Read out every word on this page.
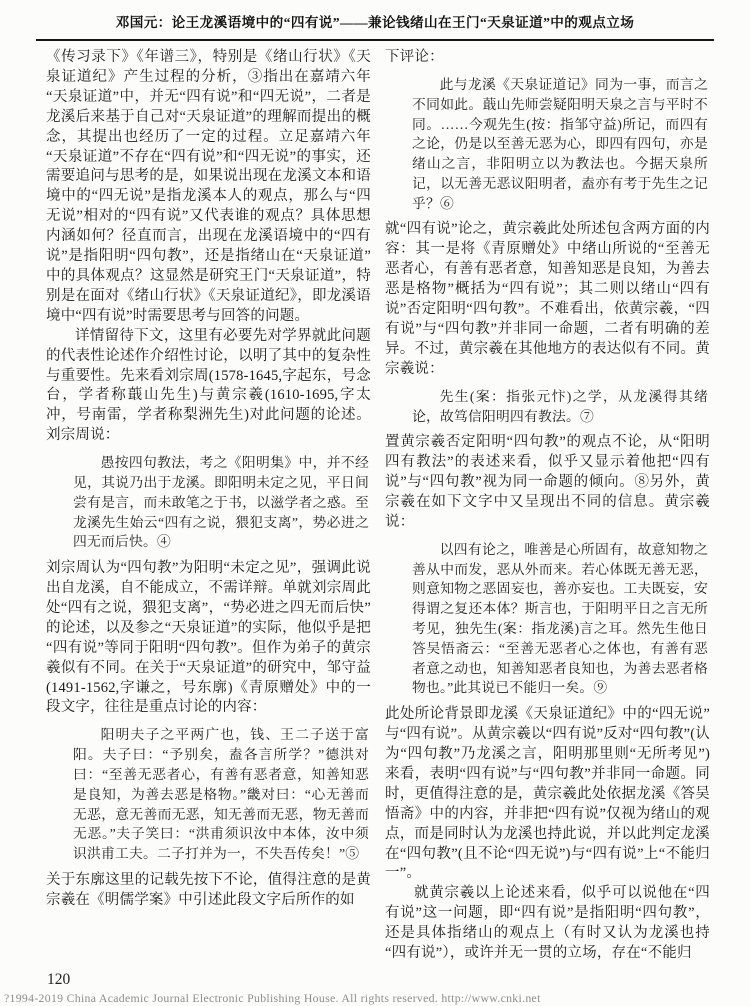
邓国元：论王龙溪语境中的“四有说”——兼论钱绪山在王门“天泉证道”中的观点立场

《传习录下》《年谱三》，特别是《绪山行状》《天泉证道纪》产生过程的分析，③指出在嘉靖六年“天泉证道”中，并无“四有说”和“四无说”，二者是龙溪后来基于自己对“天泉证道”的理解而提出的概念，其提出也经历了一定的过程。立足嘉靖六年“天泉证道”不存在“四有说”和“四无说”的事实，还需要追问与思考的是，如果说出现在龙溪文本和语境中的“四无说”是指龙溪本人的观点，那么与“四无说”相对的“四有说”又代表谁的观点？具体思想内涵如何？径直而言，出现在龙溪语境中的“四有说”是指阳明“四句教”，还是指绪山在“天泉证道”中的具体观点？这显然是研究王门“天泉证道”，特别是在面对《绪山行状》《天泉证道纪》，即龙溪语境中“四有说”时需要思考与回答的问题。

详情留待下文，这里有必要先对学界就此问题的代表性论述作介绍性讨论，以明了其中的复杂性与重要性。先来看刘宗周(1578-1645,字起东，号念台，学者称蕺山先生)与黄宗羲(1610-1695,字太冲，号南雷，学者称梨洲先生)对此问题的论述。刘宗周说：

愚按四句教法，考之《阳明集》中，并不经见，其说乃出于龙溪。即阳明未定之见，平日间尝有是言，而未敢笔之于书，以滋学者之惑。至龙溪先生始云“四有之说，猥犯支离”，势必进之四无而后快。④

刘宗周认为“四句教”为阳明“未定之见”，强调此说出自龙溪，自不能成立，不需详辩。单就刘宗周此处“四有之说，猥犯支离”，“势必进之四无而后快”的论述，以及参之“天泉证道”的实际，他似乎是把“四有说”等同于阳明“四句教”。但作为弟子的黄宗羲似有不同。在关于“天泉证道”的研究中，邹守益(1491-1562,字谦之，号东廓)《青原赠处》中的一段文字，往往是重点讨论的内容：

阳明夫子之平两广也，钱、王二子送于富阳。夫子曰：“予别矣，盍各言所学？”德洪对曰：“至善无恶者心，有善有恶者意，知善知恶是良知，为善去恶是格物。”畿对曰：“心无善而无恶，意无善而无恶，知无善而无恶，物无善而无恶。”夫子笑曰：“洪甫须识汝中本体，汝中须识洪甫工夫。二子打并为一，不失吾传矣！”⑤

关于东廓这里的记载先按下不论，值得注意的是黄宗羲在《明儒学案》中引述此段文字后所作的如

下评论：

此与龙溪《天泉证道记》同为一事，而言之不同如此。蕺山先师尝疑阳明天泉之言与平时不同。……今观先生(按：指邹守益)所记，而四有之论，仍是以至善无恶为心，即四有四句，亦是绪山之言，非阳明立以为教法也。今据天泉所记，以无善无恶议阳明者，盍亦有考于先生之记乎？⑥

就“四有说”论之，黄宗羲此处所述包含两方面的内容：其一是将《青原赠处》中绪山所说的“至善无恶者心，有善有恶者意，知善知恶是良知，为善去恶是格物”概括为“四有说”；其二则以绪山“四有说”否定阳明“四句教”。不难看出，依黄宗羲，“四有说”与“四句教”并非同一命题，二者有明确的差异。不过，黄宗羲在其他地方的表达似有不同。黄宗羲说：

先生(案：指张元忭)之学，从龙溪得其绪论，故笃信阳明四有教法。⑦

置黄宗羲否定阳明“四句教”的观点不论，从“阳明四有教法”的表述来看，似乎又显示着他把“四有说”与“四句教”视为同一命题的倾向。⑧另外，黄宗羲在如下文字中又呈现出不同的信息。黄宗羲说：

以四有论之，唯善是心所固有，故意知物之善从中而发，恶从外而来。若心体既无善无恶，则意知物之恶固妄也，善亦妄也。工夫既妄，安得谓之复还本体？斯言也，于阳明平日之言无所考见，独先生(案：指龙溪)言之耳。然先生他日答吴悟斋云：“至善无恶者心之体也，有善有恶者意之动也，知善知恶者良知也，为善去恶者格物也。”此其说已不能归一矣。⑨

此处所论背景即龙溪《天泉证道纪》中的“四无说”与“四有说”。从黄宗羲以“四有说”反对“四句教”(认为“四句教”乃龙溪之言，阳明那里则“无所考见”)来看，表明“四有说”与“四句教”并非同一命题。同时，更值得注意的是，黄宗羲此处依据龙溪《答吴悟斋》中的内容，并非把“四有说”仅视为绪山的观点，而是同时认为龙溪也持此说，并以此判定龙溪在“四句教”(且不论“四无说”)与“四有说”上“不能归一”。

就黄宗羲以上论述来看，似乎可以说他在“四有说”这一问题，即“四有说”是指阳明“四句教”，还是具体指绪山的观点上（有时又认为龙溪也持“四有说”），或许并无一贯的立场，存在“不能归

120
?1994-2019 China Academic Journal Electronic Publishing House. All rights reserved. http://www.cnki.net
